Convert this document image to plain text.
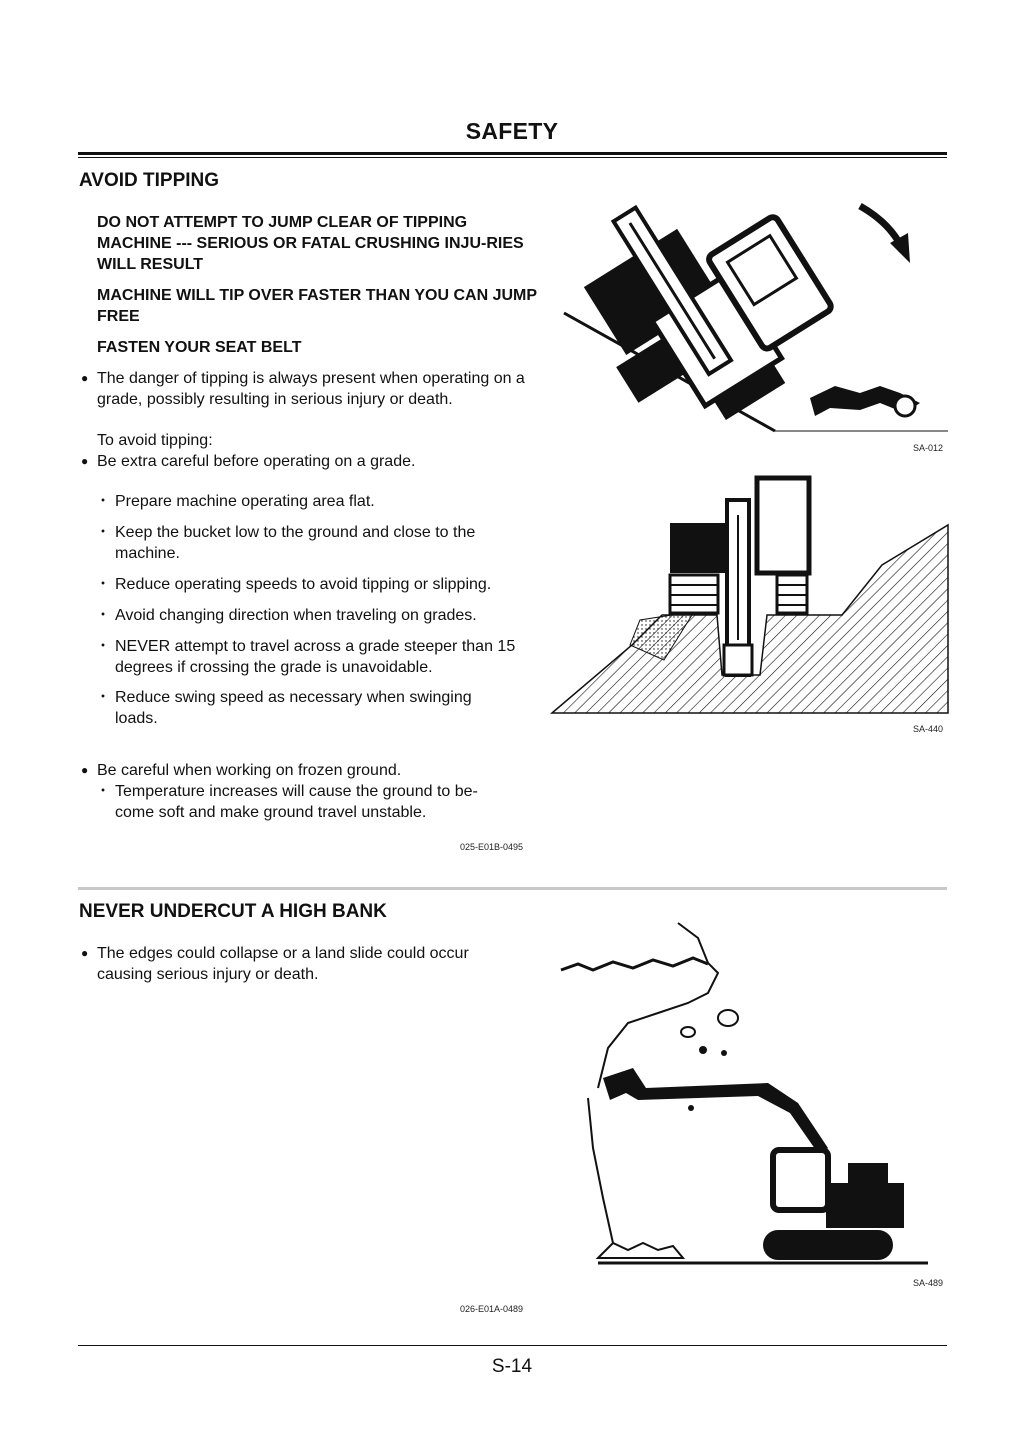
SAFETY
AVOID TIPPING
DO NOT ATTEMPT TO JUMP CLEAR OF TIPPING MACHINE --- SERIOUS OR FATAL CRUSHING INJU-RIES WILL RESULT
MACHINE WILL TIP OVER FASTER THAN YOU CAN JUMP FREE
FASTEN YOUR SEAT BELT
● The danger of tipping is always present when operating on a grade, possibly resulting in serious injury or death.
To avoid tipping:
● Be extra careful before operating on a grade.
・ Prepare machine operating area flat.
・ Keep the bucket low to the ground and close to the machine.
・ Reduce operating speeds to avoid tipping or slipping.
・ Avoid changing direction when traveling on grades.
・ NEVER attempt to travel across a grade steeper than 15 degrees if crossing the grade is unavoidable.
・ Reduce swing speed as necessary when swinging loads.
● Be careful when working on frozen ground.
・ Temperature increases will cause the ground to be-come soft and make ground travel unstable.
025-E01B-0495
SA-012
SA-440
NEVER UNDERCUT A HIGH BANK
● The edges could collapse or a land slide could occur causing serious injury or death.
SA-489
026-E01A-0489
S-14
